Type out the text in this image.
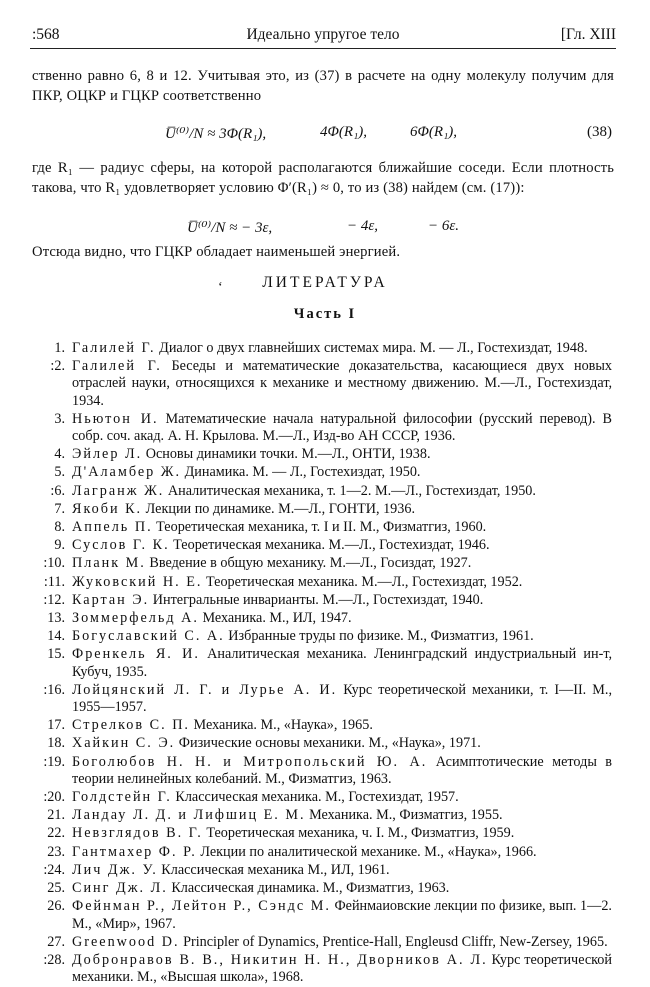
:568	Идеально упругое тело	[Гл. XIII
ственно равно 6, 8 и 12. Учитывая это, из (37) в расчете на одну молекулу получим для ПКР, ОЦКР и ГЦКР соответственно
U̅⁽⁰⁾/N ≈ 3Φ(R₁),	4Φ(R₁),	6Φ(R₁),	(38)
где R₁ — радиус сферы, на которой располагаются ближайшие соседи. Если плотность такова, что R₁ удовлетворяет условию Φ′(R₁) ≈ 0, то из (38) найдем (см. (17)):
U̅⁽⁰⁾/N ≈ − 3ε,	− 4ε,	− 6ε.
Отсюда видно, что ГЦКР обладает наименьшей энергией.
ʻ	ЛИТЕРАТУРА
Часть I
1. Галилей Г. Диалог о двух главнейших системах мира. М. — Л., Гостехиздат, 1948.
:2. Галилей Г. Беседы и математические доказательства, касающиеся двух новых отраслей науки, относящихся к механике и местному движению. М.—Л., Гостехиздат, 1934.
3. Ньютон И. Математические начала натуральной философии (русский перевод). В собр. соч. акад. А. Н. Крылова. М.—Л., Изд-во АН СССР, 1936.
4. Эйлер Л. Основы динамики точки. М.—Л., ОНТИ, 1938.
5. Д'Аламбер Ж. Динамика. М. — Л., Гостехиздат, 1950.
:6. Лагранж Ж. Аналитическая механика, т. 1—2. М.—Л., Гостехиздат, 1950.
7. Якоби К. Лекции по динамике. М.—Л., ГОНТИ, 1936.
8. Аппель П. Теоретическая механика, т. I и II. М., Физматгиз, 1960.
9. Суслов Г. К. Теоретическая механика. М.—Л., Гостехиздат, 1946.
:10. Планк М. Введение в общую механику. М.—Л., Госиздат, 1927.
:11. Жуковский Н. Е. Теоретическая механика. М.—Л., Гостехиздат, 1952.
:12. Картан Э. Интегральные инварианты. М.—Л., Гостехиздат, 1940.
13. Зоммерфельд А. Механика. М., ИЛ, 1947.
14. Богуславский С. А. Избранные труды по физике. М., Физматгиз, 1961.
15. Френкель Я. И. Аналитическая механика. Ленинградский индустриальный ин-т, Кубуч, 1935.
:16. Лойцянский Л. Г. и Лурье А. И. Курс теоретической механики, т. I—II. М., 1955—1957.
17. Стрелков С. П. Механика. М., «Наука», 1965.
18. Хайкин С. Э. Физические основы механики. М., «Наука», 1971.
:19. Боголюбов Н. Н. и Митропольский Ю. А. Асимптотические методы в теории нелинейных колебаний. М., Физматгиз, 1963.
:20. Голдстейн Г. Классическая механика. М., Гостехиздат, 1957.
21. Ландау Л. Д. и Лифшиц Е. М. Механика. М., Физматгиз, 1955.
22. Невзглядов В. Г. Теоретическая механика, ч. I. М., Физматгиз, 1959.
23. Гантмахер Ф. Р. Лекции по аналитической механике. М., «Наука», 1966.
:24. Лич Дж. У. Классическая механика М., ИЛ, 1961.
25. Синг Дж. Л. Классическая динамика. М., Физматгиз, 1963.
26. Фейнман Р., Лейтон Р., Сэндс М. Фейнмаиовские лекции по физике, вып. 1—2. М., «Мир», 1967.
27. Greenwood D. Principler of Dynamics, Prentice-Hall, Engleusd Cliffr, New-Zersey, 1965.
:28. Добронравов В. В., Никитин Н. Н., Дворников А. Л. Курс теоретической механики. М., «Высшая школа», 1968.
